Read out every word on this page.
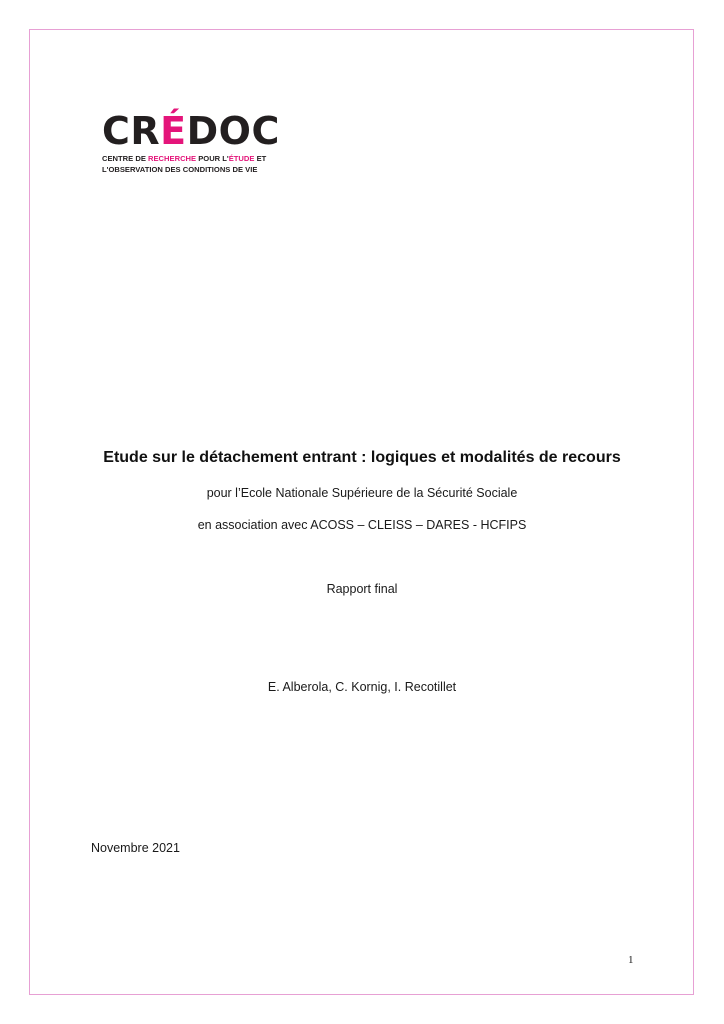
CRÉDOC
CENTRE DE RECHERCHE POUR L'ÉTUDE ET
L'OBSERVATION DES CONDITIONS DE VIE
Etude sur le détachement entrant : logiques et modalités de recours
pour l’Ecole Nationale Supérieure de la Sécurité Sociale
en association avec ACOSS – CLEISS – DARES - HCFIPS
Rapport final
E. Alberola, C. Kornig, I. Recotillet
Novembre 2021
1
